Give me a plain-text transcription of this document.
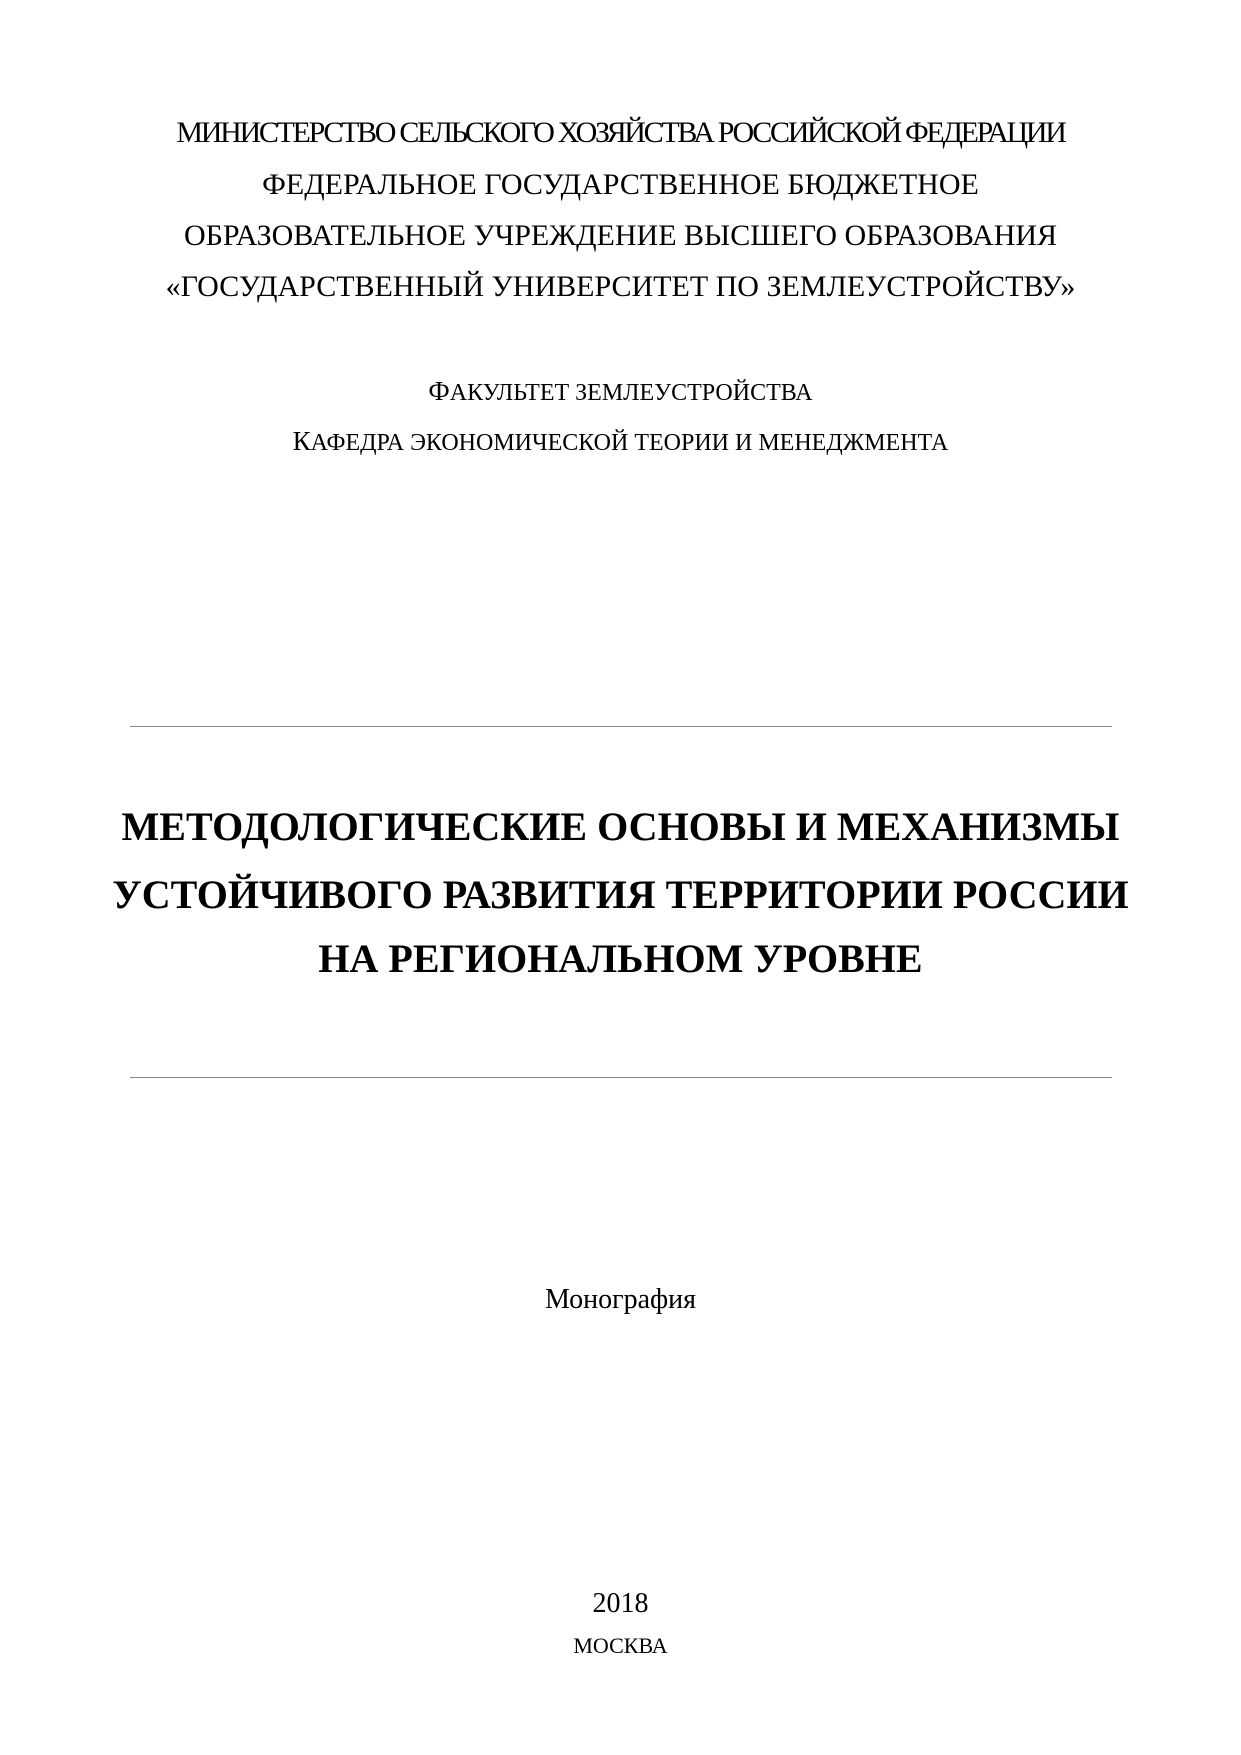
МИНИСТЕРСТВО СЕЛЬСКОГО ХОЗЯЙСТВА РОССИЙСКОЙ ФЕДЕРАЦИИ
ФЕДЕРАЛЬНОЕ ГОСУДАРСТВЕННОЕ БЮДЖЕТНОЕ
ОБРАЗОВАТЕЛЬНОЕ УЧРЕЖДЕНИЕ ВЫСШЕГО ОБРАЗОВАНИЯ
«ГОСУДАРСТВЕННЫЙ УНИВЕРСИТЕТ ПО ЗЕМЛЕУСТРОЙСТВУ»
ФАКУЛЬТЕТ ЗЕМЛЕУСТРОЙСТВА
КАФЕДРА ЭКОНОМИЧЕСКОЙ ТЕОРИИ И МЕНЕДЖМЕНТА
МЕТОДОЛОГИЧЕСКИЕ ОСНОВЫ И МЕХАНИЗМЫ
УСТОЙЧИВОГО РАЗВИТИЯ ТЕРРИТОРИИ РОССИИ
НА РЕГИОНАЛЬНОМ УРОВНЕ
Монография
2018
МОСКВА
